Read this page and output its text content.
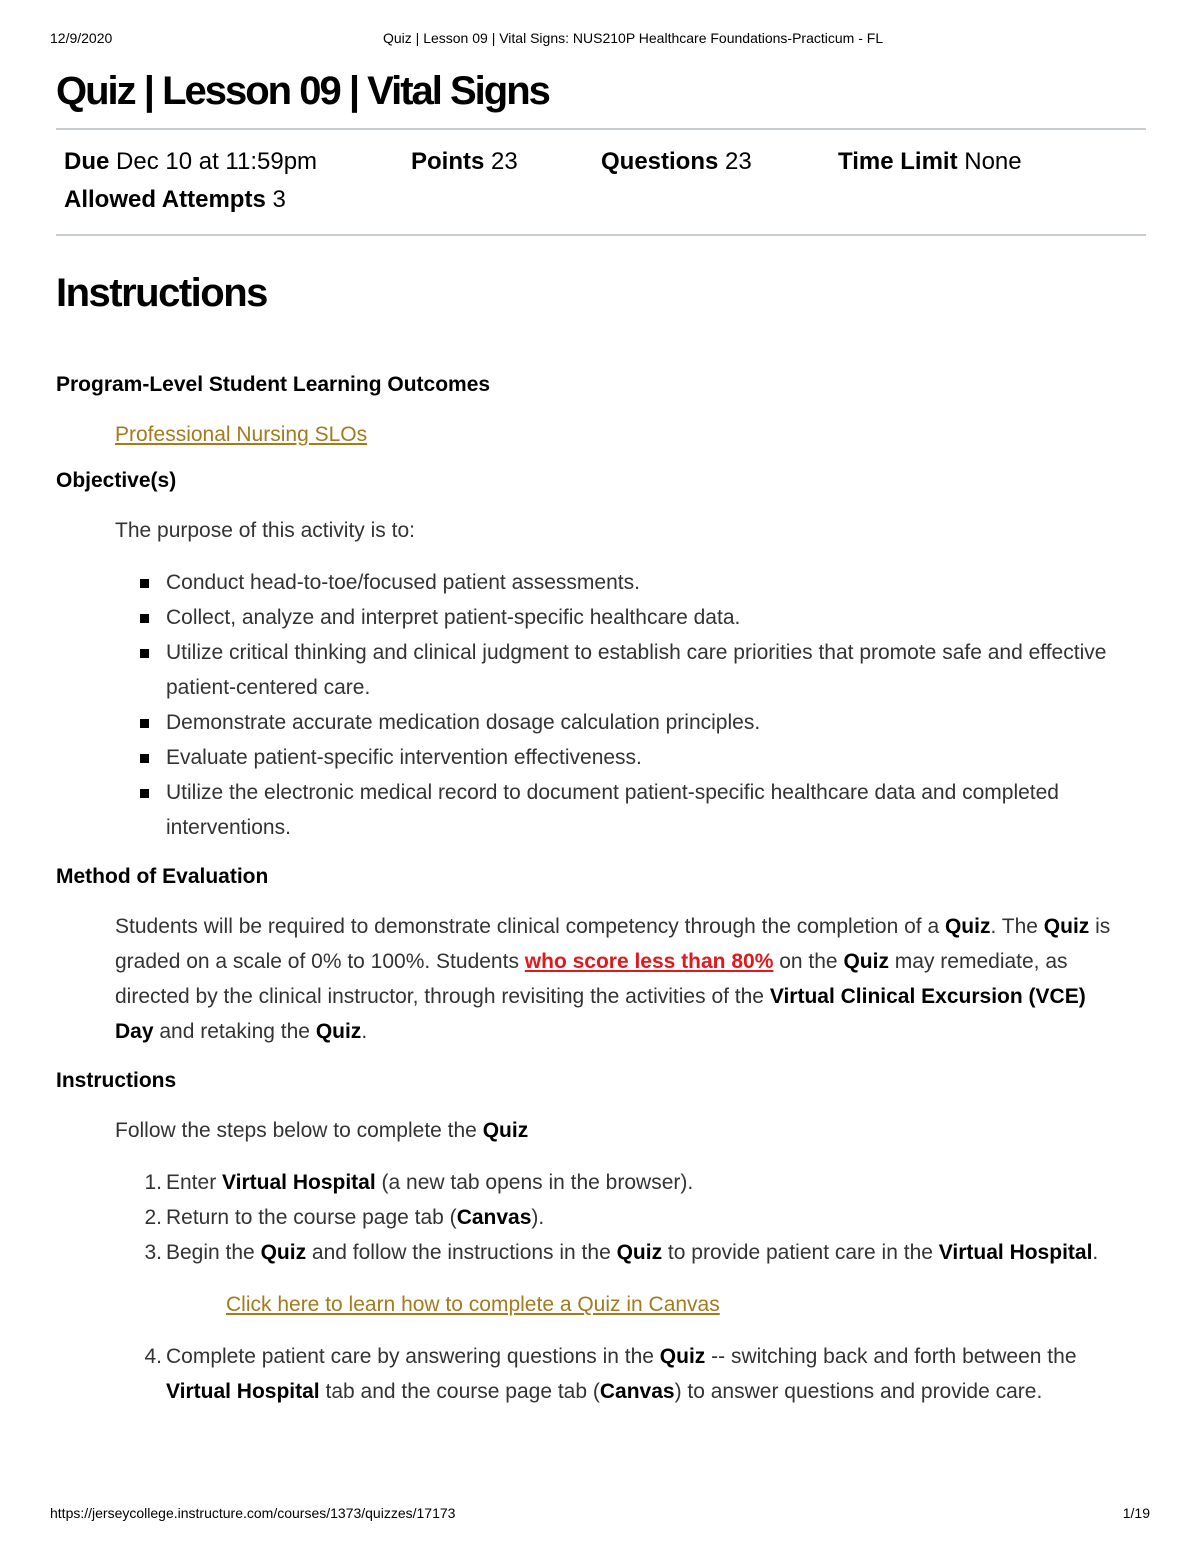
12/9/2020	Quiz | Lesson 09 | Vital Signs: NUS210P Healthcare Foundations-Practicum - FL
Quiz | Lesson 09 | Vital Signs
Due Dec 10 at 11:59pm	Points 23	Questions 23	Time Limit None
Allowed Attempts 3
Instructions
Program-Level Student Learning Outcomes
Professional Nursing SLOs
Objective(s)
The purpose of this activity is to:
Conduct head-to-toe/focused patient assessments.
Collect, analyze and interpret patient-specific healthcare data.
Utilize critical thinking and clinical judgment to establish care priorities that promote safe and effective patient-centered care.
Demonstrate accurate medication dosage calculation principles.
Evaluate patient-specific intervention effectiveness.
Utilize the electronic medical record to document patient-specific healthcare data and completed interventions.
Method of Evaluation
Students will be required to demonstrate clinical competency through the completion of a Quiz. The Quiz is graded on a scale of 0% to 100%. Students who score less than 80% on the Quiz may remediate, as directed by the clinical instructor, through revisiting the activities of the Virtual Clinical Excursion (VCE) Day and retaking the Quiz.
Instructions
Follow the steps below to complete the Quiz
1. Enter Virtual Hospital (a new tab opens in the browser).
2. Return to the course page tab (Canvas).
3. Begin the Quiz and follow the instructions in the Quiz to provide patient care in the Virtual Hospital.
Click here to learn how to complete a Quiz in Canvas
4. Complete patient care by answering questions in the Quiz -- switching back and forth between the Virtual Hospital tab and the course page tab (Canvas) to answer questions and provide care.
https://jerseycollege.instructure.com/courses/1373/quizzes/17173	1/19
